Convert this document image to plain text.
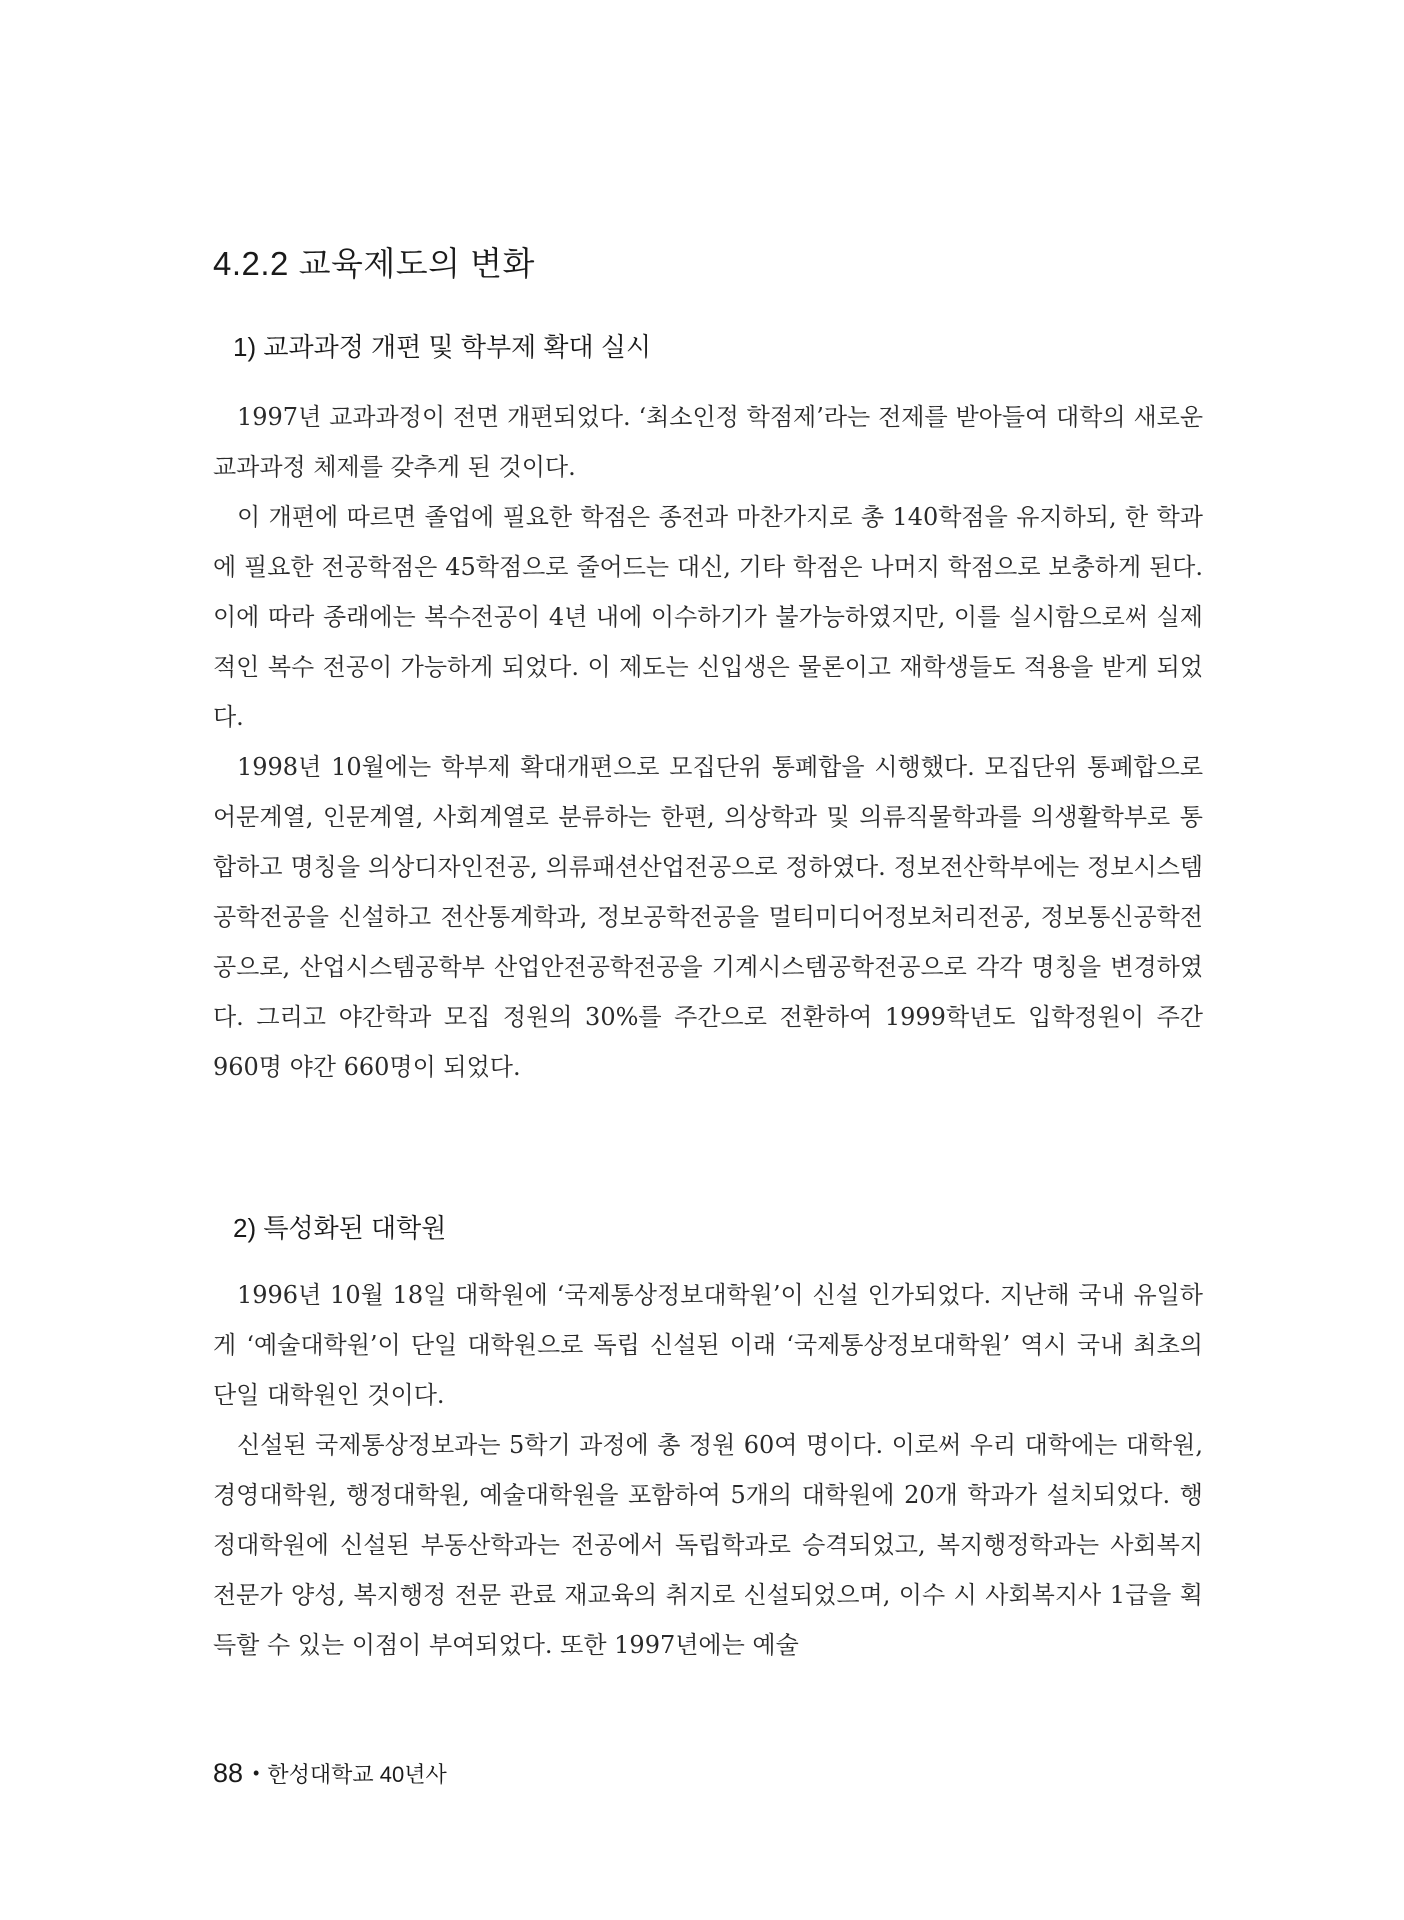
4.2.2 교육제도의 변화
1) 교과과정 개편 및 학부제 확대 실시

1997년 교과과정이 전면 개편되었다. ‘최소인정 학점제’라는 전제를 받아들여 대학의 새로운 교과과정 체제를 갖추게 된 것이다.

이 개편에 따르면 졸업에 필요한 학점은 종전과 마찬가지로 총 140학점을 유지하되, 한 학과에 필요한 전공학점은 45학점으로 줄어드는 대신, 기타 학점은 나머지 학점으로 보충하게 된다. 이에 따라 종래에는 복수전공이 4년 내에 이수하기가 불가능하였지만, 이를 실시함으로써 실제적인 복수 전공이 가능하게 되었다. 이 제도는 신입생은 물론이고 재학생들도 적용을 받게 되었다.

1998년 10월에는 학부제 확대개편으로 모집단위 통폐합을 시행했다. 모집단위 통폐합으로 어문계열, 인문계열, 사회계열로 분류하는 한편, 의상학과 및 의류직물학과를 의생활학부로 통합하고 명칭을 의상디자인전공, 의류패션산업전공으로 정하였다. 정보전산학부에는 정보시스템공학전공을 신설하고 전산통계학과, 정보공학전공을 멀티미디어정보처리전공, 정보통신공학전공으로, 산업시스템공학부 산업안전공학전공을 기계시스템공학전공으로 각각 명칭을 변경하였다. 그리고 야간학과 모집 정원의 30%를 주간으로 전환하여 1999학년도 입학정원이 주간 960명 야간 660명이 되었다.

2) 특성화된 대학원

1996년 10월 18일 대학원에 ‘국제통상정보대학원’이 신설 인가되었다. 지난해 국내 유일하게 ‘예술대학원’이 단일 대학원으로 독립 신설된 이래 ‘국제통상정보대학원’ 역시 국내 최초의 단일 대학원인 것이다.

신설된 국제통상정보과는 5학기 과정에 총 정원 60여 명이다. 이로써 우리 대학에는 대학원, 경영대학원, 행정대학원, 예술대학원을 포함하여 5개의 대학원에 20개 학과가 설치되었다. 행정대학원에 신설된 부동산학과는 전공에서 독립학과로 승격되었고, 복지행정학과는 사회복지 전문가 양성, 복지행정 전문 관료 재교육의 취지로 신설되었으며, 이수 시 사회복지사 1급을 획득할 수 있는 이점이 부여되었다. 또한 1997년에는 예술

88 • 한성대학교 40년사
